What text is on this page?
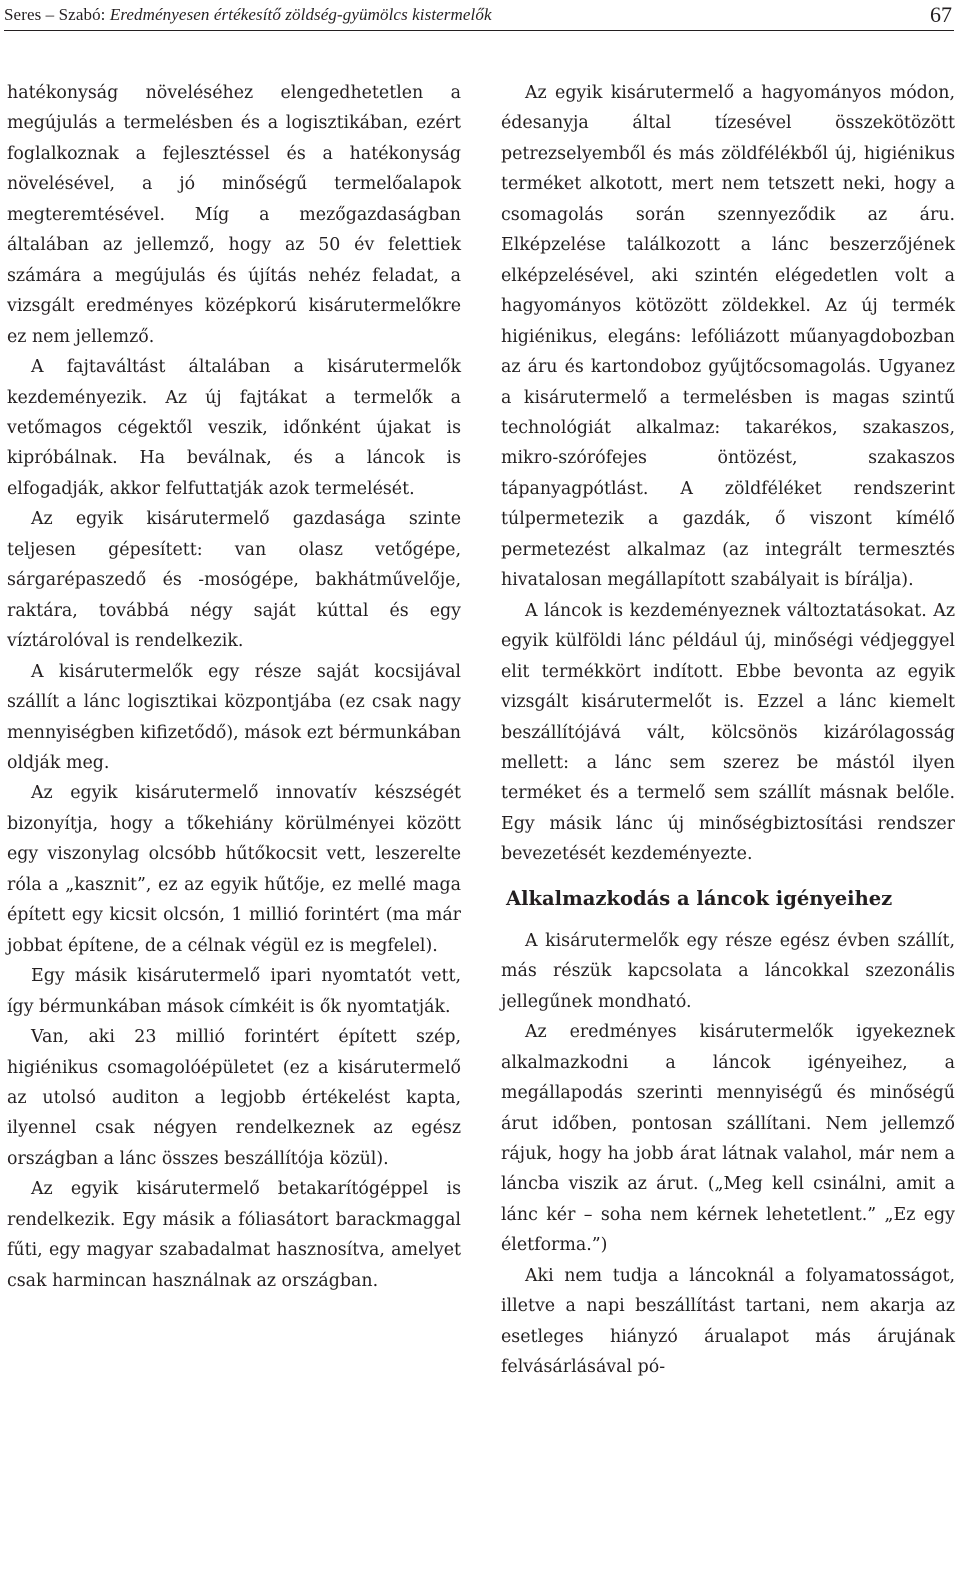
Seres – Szabó: Eredményesen értékesítő zöldség-gyümölcs kistermelők	67

hatékonyság növeléséhez elengedhetetlen a megújulás a termelésben és a logisztikában, ezért foglalkoznak a fejlesztéssel és a hatékonyság növelésével, a jó minőségű termelőalapok megteremtésével. Míg a mezőgazdaságban általában az jellemző, hogy az 50 év felettiek számára a megújulás és újítás nehéz feladat, a vizsgált eredményes középkorú kisárutermelőkre ez nem jellemző.

A fajtaváltást általában a kisárutermelők kezdeményezik. Az új fajtákat a termelők a vetőmagos cégektől veszik, időnként újakat is kipróbálnak. Ha beválnak, és a láncok is elfogadják, akkor felfuttatják azok termelését.

Az egyik kisárutermelő gazdasága szinte teljesen gépesített: van olasz vetőgépe, sárgarépaszedő és -mosógépe, bakhátművelője, raktára, továbbá négy saját kúttal és egy víztárolóval is rendelkezik.

A kisárutermelők egy része saját kocsijával szállít a lánc logisztikai központjába (ez csak nagy mennyiségben kifizetődő), mások ezt bérmunkában oldják meg.

Az egyik kisárutermelő innovatív készségét bizonyítja, hogy a tőkehiány körülményei között egy viszonylag olcsóbb hűtőkocsit vett, leszerelte róla a „kasznit”, ez az egyik hűtője, ez mellé maga épített egy kicsit olcsón, 1 millió forintért (ma már jobbat építene, de a célnak végül ez is megfelel).

Egy másik kisárutermelő ipari nyomtatót vett, így bérmunkában mások címkéit is ők nyomtatják.

Van, aki 23 millió forintért épített szép, higiénikus csomagolóépületet (ez a kisárutermelő az utolsó auditon a legjobb értékelést kapta, ilyennel csak négyen rendelkeznek az egész országban a lánc összes beszállítója közül).

Az egyik kisárutermelő betakarítógéppel is rendelkezik. Egy másik a fóliasátort barackmaggal fűti, egy magyar szabadalmat hasznosítva, amelyet csak harmincan használnak az országban.

Az egyik kisárutermelő a hagyományos módon, édesanyja által tízesével összekötözött petrezselyemből és más zöldfélékből új, higiénikus terméket alkotott, mert nem tetszett neki, hogy a csomagolás során szennyeződik az áru. Elképzelése találkozott a lánc beszerzőjének elképzelésével, aki szintén elégedetlen volt a hagyományos kötözött zöldekkel. Az új termék higiénikus, elegáns: lefóliázott műanyagdobozban az áru és kartondoboz gyűjtőcsomagolás. Ugyanez a kisárutermelő a termelésben is magas szintű technológiát alkalmaz: takarékos, szakaszos, mikro-szórófejes öntözést, szakaszos tápanyagpótlást. A zöldféléket rendszerint túlpermetezik a gazdák, ő viszont kímélő permetezést alkalmaz (az integrált termesztés hivatalosan megállapított szabályait is bírálja).

A láncok is kezdeményeznek változtatásokat. Az egyik külföldi lánc például új, minőségi védjeggyel elit termékkört indított. Ebbe bevonta az egyik vizsgált kisárutermelőt is. Ezzel a lánc kiemelt beszállítójává vált, kölcsönös kizárólagosság mellett: a lánc sem szerez be mástól ilyen terméket és a termelő sem szállít másnak belőle. Egy másik lánc új minőségbiztosítási rendszer bevezetését kezdeményezte.

Alkalmazkodás a láncok igényeihez

A kisárutermelők egy része egész évben szállít, más részük kapcsolata a láncokkal szezonális jellegűnek mondható.

Az eredményes kisárutermelők igyekeznek alkalmazkodni a láncok igényeihez, a megállapodás szerinti mennyiségű és minőségű árut időben, pontosan szállítani. Nem jellemző rájuk, hogy ha jobb árat látnak valahol, már nem a láncba viszik az árut. („Meg kell csinálni, amit a lánc kér – soha nem kérnek lehetetlent.” „Ez egy életforma.”)

Aki nem tudja a láncoknál a folyamatosságot, illetve a napi beszállítást tartani, nem akarja az esetleges hiányzó árualapot más árujának felvásárlásával pó-
